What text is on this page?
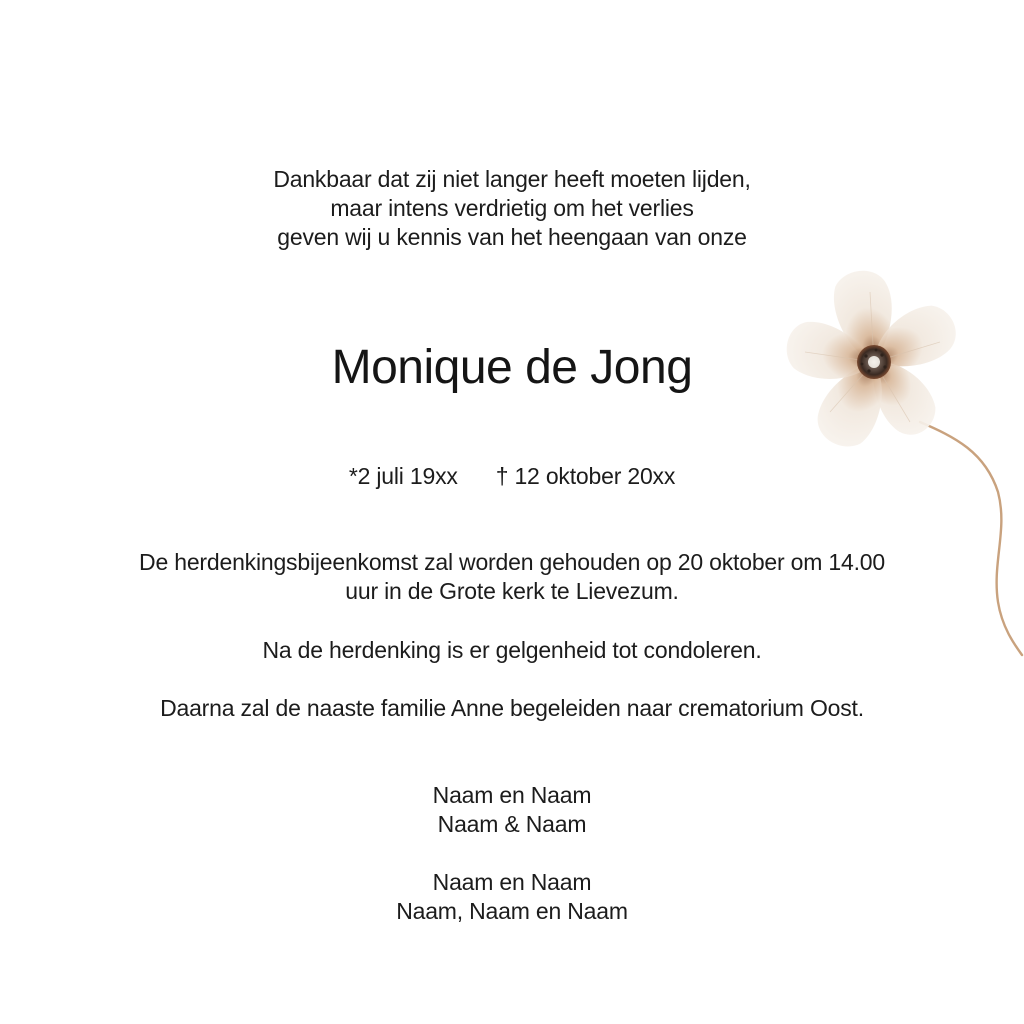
Dankbaar dat zij niet langer heeft moeten lijden,
maar intens verdrietig om het verlies
geven wij u kennis van het heengaan van onze
Monique de Jong
*2 juli 19xx † 12 oktober 20xx
De herdenkingsbijeenkomst zal worden gehouden op 20 oktober om 14.00
uur in de Grote kerk te Lievezum.
Na de herdenking is er gelgenheid tot condoleren.
Daarna zal de naaste familie Anne begeleiden naar crematorium Oost.
Naam en Naam
Naam & Naam
Naam en Naam
Naam, Naam en Naam
